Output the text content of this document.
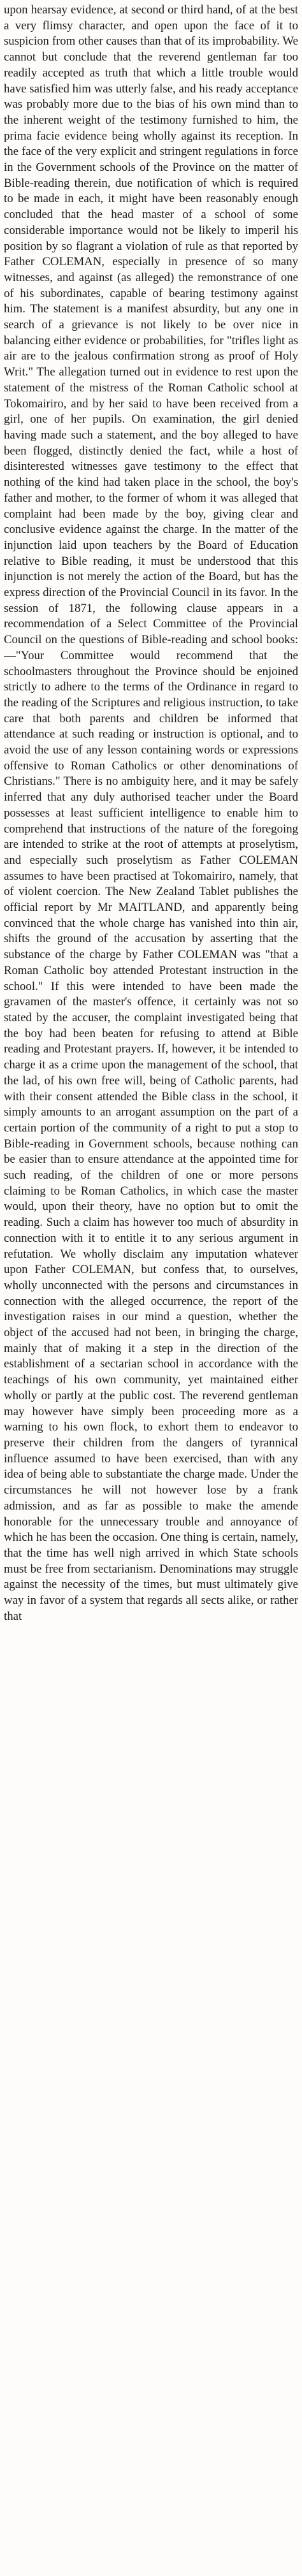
upon hearsay evidence, at second or third hand, of at the best a very flimsy character, and open upon the face of it to suspicion from other causes than that of its improbability. We cannot but conclude that the reverend gentleman far too readily accepted as truth that which a little trouble would have satisfied him was utterly false, and his ready acceptance was probably more due to the bias of his own mind than to the inherent weight of the testimony furnished to him, the prima facie evidence being wholly against its reception. In the face of the very explicit and stringent regulations in force in the Government schools of the Province on the matter of Bible-reading therein, due notification of which is required to be made in each, it might have been reasonably enough concluded that the head master of a school of some considerable importance would not be likely to imperil his position by so flagrant a violation of rule as that reported by Father COLEMAN, especially in presence of so many witnesses, and against (as alleged) the remonstrance of one of his subordinates, capable of bearing testimony against him. The statement is a manifest absurdity, but any one in search of a grievance is not likely to be over nice in balancing either evidence or probabilities, for "trifles light as air are to the jealous confirmation strong as proof of Holy Writ." The allegation turned out in evidence to rest upon the statement of the mistress of the Roman Catholic school at Tokomairiro, and by her said to have been received from a girl, one of her pupils. On examination, the girl denied having made such a statement, and the boy alleged to have been flogged, distinctly denied the fact, while a host of disinterested witnesses gave testimony to the effect that nothing of the kind had taken place in the school, the boy's father and mother, to the former of whom it was alleged that complaint had been made by the boy, giving clear and conclusive evidence against the charge. In the matter of the injunction laid upon teachers by the Board of Education relative to Bible reading, it must be understood that this injunction is not merely the action of the Board, but has the express direction of the Provincial Council in its favor. In the session of 1871, the following clause appears in a recommendation of a Select Committee of the Provincial Council on the questions of Bible-reading and school books:—"Your Committee would recommend that the schoolmasters throughout the Province should be enjoined strictly to adhere to the terms of the Ordinance in regard to the reading of the Scriptures and religious instruction, to take care that both parents and children be informed that attendance at such reading or instruction is optional, and to avoid the use of any lesson containing words or expressions offensive to Roman Catholics or other denominations of Christians." There is no ambiguity here, and it may be safely inferred that any duly authorised teacher under the Board possesses at least sufficient intelligence to enable him to comprehend that instructions of the nature of the foregoing are intended to strike at the root of attempts at proselytism, and especially such proselytism as Father COLEMAN assumes to have been practised at Tokomairiro, namely, that of violent coercion. The New Zealand Tablet publishes the official report by Mr MAITLAND, and apparently being convinced that the whole charge has vanished into thin air, shifts the ground of the accusation by asserting that the substance of the charge by Father COLEMAN was "that a Roman Catholic boy attended Protestant instruction in the school." If this were intended to have been made the gravamen of the master's offence, it certainly was not so stated by the accuser, the complaint investigated being that the boy had been beaten for refusing to attend at Bible reading and Protestant prayers. If, however, it be intended to charge it as a crime upon the management of the school, that the lad, of his own free will, being of Catholic parents, had with their consent attended the Bible class in the school, it simply amounts to an arrogant assumption on the part of a certain portion of the community of a right to put a stop to Bible-reading in Government schools, because nothing can be easier than to ensure attendance at the appointed time for such reading, of the children of one or more persons claiming to be Roman Catholics, in which case the master would, upon their theory, have no option but to omit the reading. Such a claim has however too much of absurdity in connection with it to entitle it to any serious argument in refutation. We wholly disclaim any imputation whatever upon Father COLEMAN, but confess that, to ourselves, wholly unconnected with the persons and circumstances in connection with the alleged occurrence, the report of the investigation raises in our mind a question, whether the object of the accused had not been, in bringing the charge, mainly that of making it a step in the direction of the establishment of a sectarian school in accordance with the teachings of his own community, yet maintained either wholly or partly at the public cost. The reverend gentleman may however have simply been proceeding more as a warning to his own flock, to exhort them to endeavor to preserve their children from the dangers of tyrannical influence assumed to have been exercised, than with any idea of being able to substantiate the charge made. Under the circumstances he will not however lose by a frank admission, and as far as possible to make the amende honorable for the unnecessary trouble and annoyance of which he has been the occasion. One thing is certain, namely, that the time has well nigh arrived in which State schools must be free from sectarianism. Denominations may struggle against the necessity of the times, but must ultimately give way in favor of a system that regards all sects alike, or rather that
